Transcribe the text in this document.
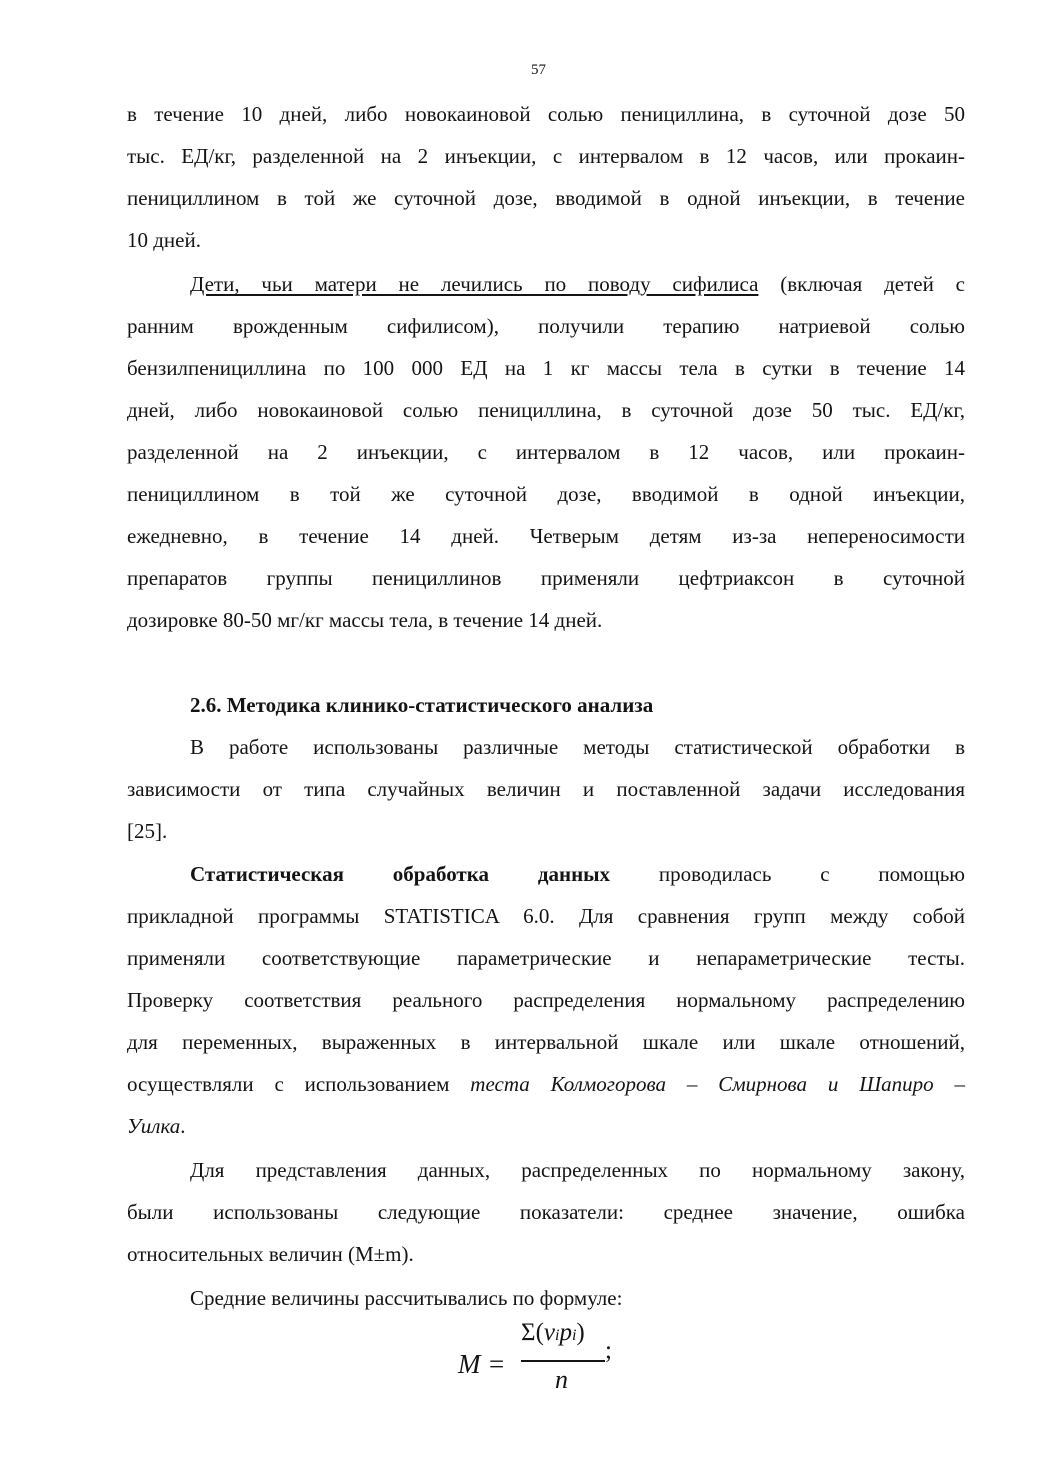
57
в течение 10 дней, либо новокаиновой солью пенициллина, в суточной дозе 50
тыс. ЕД/кг, разделенной на 2 инъекции, с интервалом в 12 часов, или прокаин-
пенициллином в той же суточной дозе, вводимой в одной инъекции, в течение
10 дней.
Дети, чьи матери не лечились по поводу сифилиса (включая детей с
ранним врожденным сифилисом), получили терапию натриевой солью
бензилпенициллина по 100 000 ЕД на 1 кг массы тела в сутки в течение 14
дней, либо новокаиновой солью пенициллина, в суточной дозе 50 тыс. ЕД/кг,
разделенной на 2 инъекции, с интервалом в 12 часов, или прокаин-
пенициллином в той же суточной дозе, вводимой в одной инъекции,
ежедневно, в течение 14 дней. Четверым детям из-за непереносимости
препаратов группы пенициллинов применяли цефтриаксон в суточной
дозировке 80-50 мг/кг массы тела, в течение 14 дней.
2.6. Методика клинико-статистического анализа
В работе использованы различные методы статистической обработки в
зависимости от типа случайных величин и поставленной задачи исследования
[25].
Статистическая обработка данных проводилась с помощью
прикладной программы STATISTICA 6.0. Для сравнения групп между собой
применяли соответствующие параметрические и непараметрические тесты.
Проверку соответствия реального распределения нормальному распределению
для переменных, выраженных в интервальной шкале или шкале отношений,
осуществляли с использованием теста Колмогорова – Смирнова и Шапиро –
Уилка.
Для представления данных, распределенных по нормальному закону,
были использованы следующие показатели: среднее значение, ошибка
относительных величин (M±m).
Средние величины рассчитывались по формуле:
M =
Σ(vipi)
n
;
